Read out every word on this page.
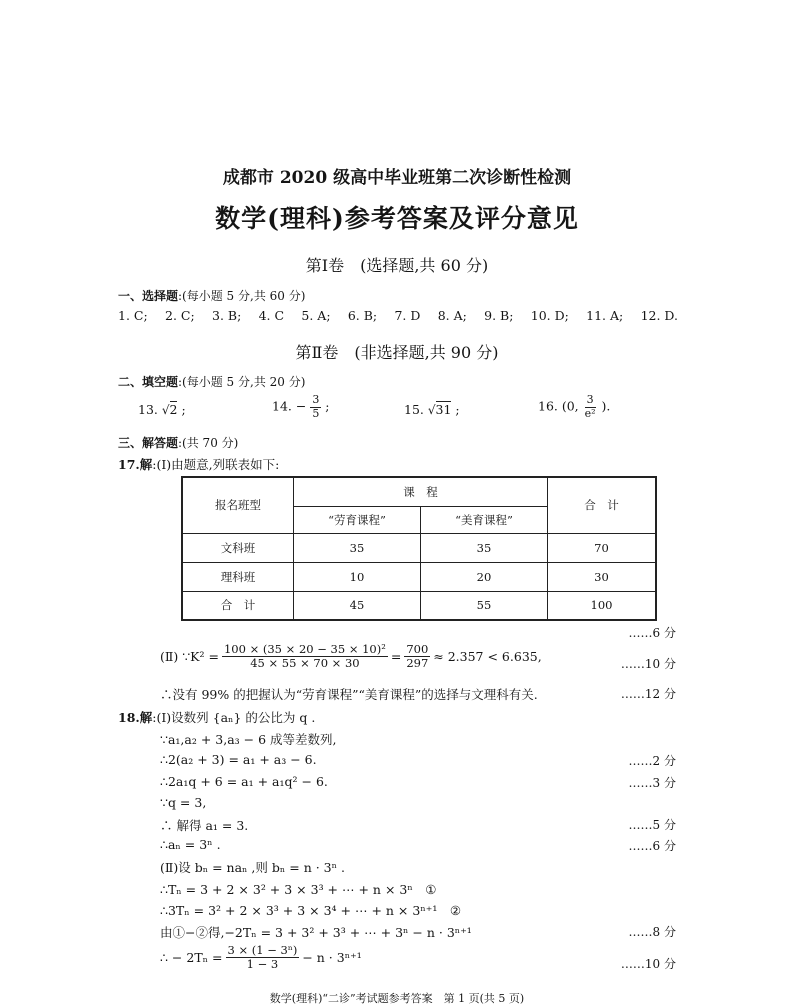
成都市 2020 级高中毕业班第二次诊断性检测
数学(理科)参考答案及评分意见
第Ⅰ卷　(选择题,共 60 分)
一、选择题:(每小题 5 分,共 60 分)
1. C; 2. C; 3. B; 4. C 5. A; 6. B; 7. D 8. A; 9. B; 10. D; 11. A; 12. D.
第Ⅱ卷　(非选择题,共 90 分)
二、填空题:(每小题 5 分,共 20 分)
13. √2 ;	14. − $\frac{3}{5}$ ;	15. √31 ;	16. (0, $\frac{3}{\text{e²}}$ ).
三、解答题:(共 70 分)
17.解:(Ⅰ)由题意,列联表如下:
报名班型	课　程		合　计
	“劳育课程”	“美育课程”	
文科班	35	35	70
理科班	10	20	30
合　计	45	55	100
……6 分
(Ⅱ) ∵K² = $\frac{\text{100 × (35 × 20 − 35 × 10)²}}{45 \times 55 \times 70 \times 30} = \frac{700}{297} \approx 2.357 < 6.635$,	……10 分
∴没有 99% 的把握认为“劳育课程”“美育课程”的选择与文理科有关.	……12 分
18.解:(Ⅰ)设数列 {aₙ} 的公比为 q .
∵a₁,a₂ + 3,a₃ − 6 成等差数列,
∴2(a₂ + 3) = a₁ + a₃ − 6.	……2 分
∴2a₁q + 6 = a₁ + a₁q² − 6.	……3 分
∵q = 3,
∴ 解得 a₁ = 3.	……5 分
∴aₙ = 3ⁿ .	……6 分
(Ⅱ)设 bₙ = naₙ ,则 bₙ = n · 3ⁿ .
∴Tₙ = 3 + 2 × 3² + 3 × 3³ + ⋯ + n × 3ⁿ　①
∴3Tₙ = 3² + 2 × 3³ + 3 × 3⁴ + ⋯ + n × 3ⁿ⁺¹　②
由①−②得,−2Tₙ = 3 + 3² + 3³ + ⋯ + 3ⁿ − n · 3ⁿ⁺¹	……8 分
∴ − $2T_n = \frac{\text{3 × (1 − 3ⁿ)}}{1 - 3} - n \cdot 3^{n+1}$	……10 分
数学(理科)“二诊”考试题参考答案　第 1 页(共 5 页)
